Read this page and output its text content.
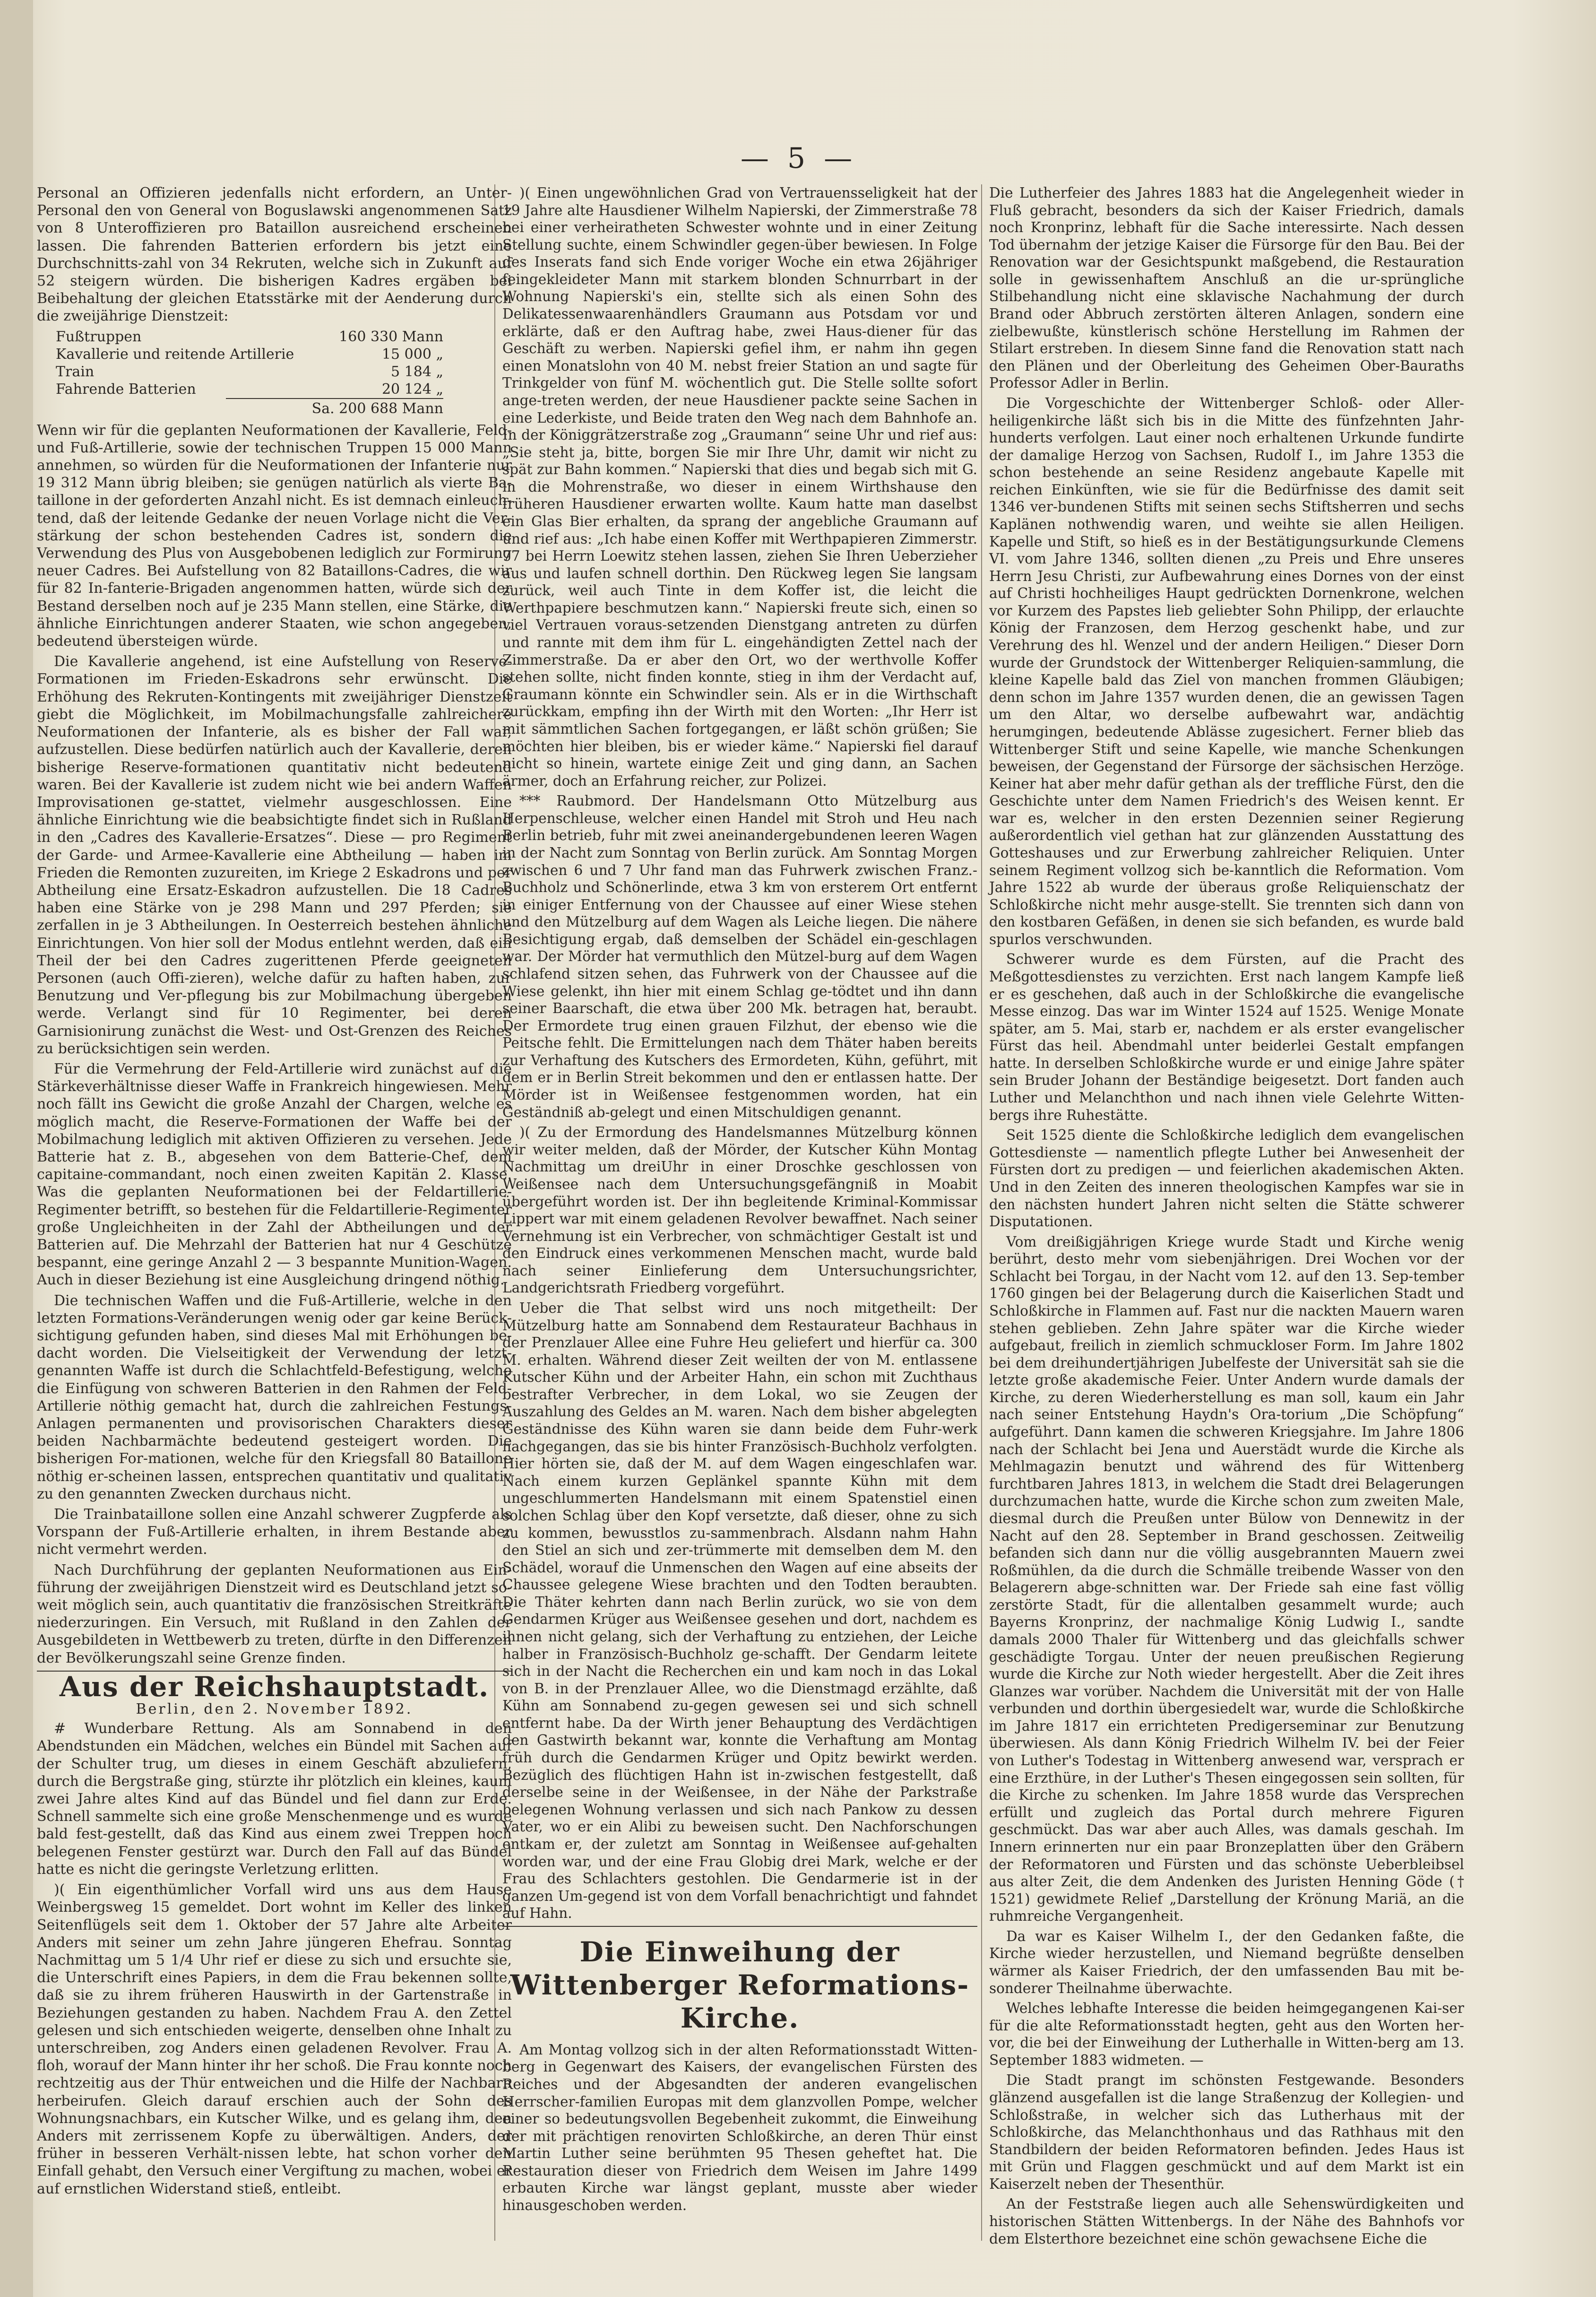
— 5 —

Personal an Offizieren jedenfalls nicht erfordern, an Unter-Personal den von General von Boguslawski angenommenen Satz von 8 Unteroffizieren pro Bataillon ausreichend erscheinen lassen. Die fahrenden Batterien erfordern bis jetzt eine Durchschnitts-zahl von 34 Rekruten, welche sich in Zukunft auf 52 steigern würden. Die bisherigen Kadres ergäben bei Beibehaltung der gleichen Etatsstärke mit der Aenderung durch die zweijährige Dienstzeit:

Fußtruppen	160 330 Mann
Kavallerie und reitende Artillerie	15 000 „
Train	5 184 „
Fahrende Batterien	20 124 „
Sa. 200 688 Mann

Wenn wir für die geplanten Neuformationen der Kavallerie, Feld- und Fuß-Artillerie, sowie der technischen Truppen 15 000 Mann annehmen, so würden für die Neuformationen der Infanterie nur 19 312 Mann übrig bleiben; sie genügen natürlich als vierte Ba-taillone in der geforderten Anzahl nicht. Es ist demnach einleuch-tend, daß der leitende Gedanke der neuen Vorlage nicht die Ver-stärkung der schon bestehenden Cadres ist, sondern die Verwendung des Plus von Ausgebobenen lediglich zur Formirung neuer Cadres. Bei Aufstellung von 82 Bataillons-Cadres, die wir für 82 In-fanterie-Brigaden angenommen hatten, würde sich der Bestand derselben noch auf je 235 Mann stellen, eine Stärke, die ähnliche Einrichtungen anderer Staaten, wie schon angegeben, bedeutend übersteigen würde.

Die Kavallerie angehend, ist eine Aufstellung von Reserve-Formationen im Frieden-Eskadrons sehr erwünscht. Die Erhöhung des Rekruten-Kontingents mit zweijähriger Dienstzeit giebt die Möglichkeit, im Mobilmachungsfalle zahlreichere Neuformationen der Infanterie, als es bisher der Fall war, aufzustellen. Diese bedürfen natürlich auch der Kavallerie, deren bisherige Reserve-formationen quantitativ nicht bedeutend waren. Bei der Kavallerie ist zudem nicht wie bei andern Waffen Improvisationen ge-stattet, vielmehr ausgeschlossen. Eine ähnliche Einrichtung wie die beabsichtigte findet sich in Rußland in den „Cadres des Kavallerie-Ersatzes“. Diese — pro Regiment der Garde- und Armee-Kavallerie eine Abtheilung — haben im Frieden die Remonten zuzureiten, im Kriege 2 Eskadrons und per Abtheilung eine Ersatz-Eskadron aufzustellen. Die 18 Cadres haben eine Stärke von je 298 Mann und 297 Pferden; sie zerfallen in je 3 Abtheilungen. In Oesterreich bestehen ähnliche Einrichtungen. Von hier soll der Modus entlehnt werden, daß ein Theil der bei den Cadres zugerittenen Pferde geeigneten Personen (auch Offi-zieren), welche dafür zu haften haben, zur Benutzung und Ver-pflegung bis zur Mobilmachung übergeben werde. Verlangt sind für 10 Regimenter, bei deren Garnisionirung zunächst die West- und Ost-Grenzen des Reiches zu berücksichtigen sein werden.

Für die Vermehrung der Feld-Artillerie wird zunächst auf die Stärkeverhältnisse dieser Waffe in Frankreich hingewiesen. Mehr noch fällt ins Gewicht die große Anzahl der Chargen, welche es möglich macht, die Reserve-Formationen der Waffe bei der Mobilmachung lediglich mit aktiven Offizieren zu versehen. Jede Batterie hat z. B., abgesehen von dem Batterie-Chef, dem capitaine-commandant, noch einen zweiten Kapitän 2. Klasse. Was die geplanten Neuformationen bei der Feldartillerie-Regimenter betrifft, so bestehen für die Feldartillerie-Regimenter große Ungleichheiten in der Zahl der Abtheilungen und der Batterien auf. Die Mehrzahl der Batterien hat nur 4 Geschütze bespannt, eine geringe Anzahl 2 — 3 bespannte Munition-Wagen. Auch in dieser Beziehung ist eine Ausgleichung dringend nöthig.

Die technischen Waffen und die Fuß-Artillerie, welche in den letzten Formations-Veränderungen wenig oder gar keine Berück-sichtigung gefunden haben, sind dieses Mal mit Erhöhungen be-dacht worden. Die Vielseitigkeit der Verwendung der letzt-genannten Waffe ist durch die Schlachtfeld-Befestigung, welche die Einfügung von schweren Batterien in den Rahmen der Feld-Artillerie nöthig gemacht hat, durch die zahlreichen Festungs-Anlagen permanenten und provisorischen Charakters dieser beiden Nachbarmächte bedeutend gesteigert worden. Die bisherigen For-mationen, welche für den Kriegsfall 80 Bataillone nöthig er-scheinen lassen, entsprechen quantitativ und qualitativ zu den genannten Zwecken durchaus nicht.

Die Trainbataillone sollen eine Anzahl schwerer Zugpferde als Vorspann der Fuß-Artillerie erhalten, in ihrem Bestande aber nicht vermehrt werden.

Nach Durchführung der geplanten Neuformationen aus Ein-führung der zweijährigen Dienstzeit wird es Deutschland jetzt so-weit möglich sein, auch quantitativ die französischen Streitkräfte niederzuringen. Ein Versuch, mit Rußland in den Zahlen der Ausgebildeten in Wettbewerb zu treten, dürfte in den Differenzen der Bevölkerungszahl seine Grenze finden.

Aus der Reichshauptstadt.
Berlin, den 2. November 1892.

# Wunderbare Rettung. Als am Sonnabend in den Abendstunden ein Mädchen, welches ein Bündel mit Sachen auf der Schulter trug, um dieses in einem Geschäft abzuliefern, durch die Bergstraße ging, stürzte ihr plötzlich ein kleines, kaum zwei Jahre altes Kind auf das Bündel und fiel dann zur Erde. Schnell sammelte sich eine große Menschenmenge und es wurde bald fest-gestellt, daß das Kind aus einem zwei Treppen hoch belegenen Fenster gestürzt war. Durch den Fall auf das Bündel hatte es nicht die geringste Verletzung erlitten.

)( Ein eigenthümlicher Vorfall wird uns aus dem Hause Weinbergsweg 15 gemeldet. Dort wohnt im Keller des linken Seitenflügels seit dem 1. Oktober der 57 Jahre alte Arbeiter Anders mit seiner um zehn Jahre jüngeren Ehefrau. Sonntag Nachmittag um 5 1/4 Uhr rief er diese zu sich und ersuchte sie, die Unterschrift eines Papiers, in dem die Frau bekennen sollte, daß sie zu ihrem früheren Hauswirth in der Gartenstraße in Beziehungen gestanden zu haben. Nachdem Frau A. den Zettel gelesen und sich entschieden weigerte, denselben ohne Inhalt zu unterschreiben, zog Anders einen geladenen Revolver. Frau A. floh, worauf der Mann hinter ihr her schoß. Die Frau konnte noch rechtzeitig aus der Thür entweichen und die Hilfe der Nachbarn herbeirufen. Gleich darauf erschien auch der Sohn des Wohnungsnachbars, ein Kutscher Wilke, und es gelang ihm, den Anders mit zerrissenem Kopfe zu überwältigen. Anders, der früher in besseren Verhält-nissen lebte, hat schon vorher den Einfall gehabt, den Versuch einer Vergiftung zu machen, wobei er auf ernstlichen Widerstand stieß, entleibt.

)( Einen ungewöhnlichen Grad von Vertrauensseligkeit hat der 19 Jahre alte Hausdiener Wilhelm Napierski, der Zimmerstraße 78 bei einer verheiratheten Schwester wohnte und in einer Zeitung Stellung suchte, einem Schwindler gegen-über bewiesen. In Folge des Inserats fand sich Ende voriger Woche ein etwa 26jähriger feingekleideter Mann mit starkem blonden Schnurrbart in der Wohnung Napierski's ein, stellte sich als einen Sohn des Delikatessenwaarenhändlers Graumann aus Potsdam vor und erklärte, daß er den Auftrag habe, zwei Haus-diener für das Geschäft zu werben. Napierski gefiel ihm, er nahm ihn gegen einen Monatslohn von 40 M. nebst freier Station an und sagte für Trinkgelder von fünf M. wöchentlich gut. Die Stelle sollte sofort ange-treten werden, der neue Hausdiener packte seine Sachen in eine Lederkiste, und Beide traten den Weg nach dem Bahnhofe an. In der Königgrätzerstraße zog „Graumann“ seine Uhr und rief aus: „Sie steht ja, bitte, borgen Sie mir Ihre Uhr, damit wir nicht zu spät zur Bahn kommen.“ Napierski that dies und begab sich mit G. in die Mohrenstraße, wo dieser in einem Wirthshause den früheren Hausdiener erwarten wollte. Kaum hatte man daselbst ein Glas Bier erhalten, da sprang der angebliche Graumann auf und rief aus: „Ich habe einen Koffer mit Werthpapieren Zimmerstr. 77 bei Herrn Loewitz stehen lassen, ziehen Sie Ihren Ueberzieher aus und laufen schnell dorthin. Den Rückweg legen Sie langsam zurück, weil auch Tinte in dem Koffer ist, die leicht die Werthpapiere beschmutzen kann.“ Napierski freute sich, einen so viel Vertrauen voraus-setzenden Dienstgang antreten zu dürfen und rannte mit dem ihm für L. eingehändigten Zettel nach der Zimmerstraße. Da er aber den Ort, wo der werthvolle Koffer stehen sollte, nicht finden konnte, stieg in ihm der Verdacht auf, Graumann könnte ein Schwindler sein. Als er in die Wirthschaft zurückkam, empfing ihn der Wirth mit den Worten: „Ihr Herr ist mit sämmtlichen Sachen fortgegangen, er läßt schön grüßen; Sie möchten hier bleiben, bis er wieder käme.“ Napierski fiel darauf nicht so hinein, wartete einige Zeit und ging dann, an Sachen ärmer, doch an Erfahrung reicher, zur Polizei.

*** Raubmord. Der Handelsmann Otto Mützelburg aus Herpenschleuse, welcher einen Handel mit Stroh und Heu nach Berlin betrieb, fuhr mit zwei aneinandergebundenen leeren Wagen in der Nacht zum Sonntag von Berlin zurück. Am Sonntag Morgen zwischen 6 und 7 Uhr fand man das Fuhrwerk zwischen Franz.-Buchholz und Schönerlinde, etwa 3 km von ersterem Ort entfernt in einiger Entfernung von der Chaussee auf einer Wiese stehen und den Mützelburg auf dem Wagen als Leiche liegen. Die nähere Besichtigung ergab, daß demselben der Schädel ein-geschlagen war. Der Mörder hat vermuthlich den Mützel-burg auf dem Wagen schlafend sitzen sehen, das Fuhrwerk von der Chaussee auf die Wiese gelenkt, ihn hier mit einem Schlag ge-tödtet und ihn dann seiner Baarschaft, die etwa über 200 Mk. betragen hat, beraubt. Der Ermordete trug einen grauen Filzhut, der ebenso wie die Peitsche fehlt. Die Ermittelungen nach dem Thäter haben bereits zur Verhaftung des Kutschers des Ermordeten, Kühn, geführt, mit dem er in Berlin Streit bekommen und den er entlassen hatte. Der Mörder ist in Weißensee festgenommen worden, hat ein Geständniß ab-gelegt und einen Mitschuldigen genannt.

)( Zu der Ermordung des Handelsmannes Mützelburg können wir weiter melden, daß der Mörder, der Kutscher Kühn Montag Nachmittag um dreiUhr in einer Droschke geschlossen von Weißensee nach dem Untersuchungsgefängniß in Moabit übergeführt worden ist. Der ihn begleitende Kriminal-Kommissar Lippert war mit einem geladenen Revolver bewaffnet. Nach seiner Vernehmung ist ein Verbrecher, von schmächtiger Gestalt ist und den Eindruck eines verkommenen Menschen macht, wurde bald nach seiner Einlieferung dem Untersuchungsrichter, Landgerichtsrath Friedberg vorgeführt.

Ueber die That selbst wird uns noch mitgetheilt: Der Mützelburg hatte am Sonnabend dem Restaurateur Bachhaus in der Prenzlauer Allee eine Fuhre Heu geliefert und hierfür ca. 300 M. erhalten. Während dieser Zeit weilten der von M. entlassene Kutscher Kühn und der Arbeiter Hahn, ein schon mit Zuchthaus bestrafter Verbrecher, in dem Lokal, wo sie Zeugen der Auszahlung des Geldes an M. waren. Nach dem bisher abgelegten Geständnisse des Kühn waren sie dann beide dem Fuhr-werk nachgegangen, das sie bis hinter Französisch-Buchholz verfolgten. Hier hörten sie, daß der M. auf dem Wagen eingeschlafen war. Nach einem kurzen Geplänkel spannte Kühn mit dem ungeschlummerten Handelsmann mit einem Spatenstiel einen solchen Schlag über den Kopf versetzte, daß dieser, ohne zu sich zu kommen, bewusstlos zu-sammenbrach. Alsdann nahm Hahn den Stiel an sich und zer-trümmerte mit demselben dem M. den Schädel, worauf die Unmenschen den Wagen auf eine abseits der Chaussee gelegene Wiese brachten und den Todten beraubten. Die Thäter kehrten dann nach Berlin zurück, wo sie von dem Gendarmen Krüger aus Weißensee gesehen und dort, nachdem es ihnen nicht gelang, sich der Verhaftung zu entziehen, der Leiche halber in Französisch-Buchholz ge-schafft. Der Gendarm leitete sich in der Nacht die Recherchen ein und kam noch in das Lokal von B. in der Prenzlauer Allee, wo die Dienstmagd erzählte, daß Kühn am Sonnabend zu-gegen gewesen sei und sich schnell entfernt habe. Da der Wirth jener Behauptung des Verdächtigen den Gastwirth bekannt war, konnte die Verhaftung am Montag früh durch die Gendarmen Krüger und Opitz bewirkt werden. Bezüglich des flüchtigen Hahn ist in-zwischen festgestellt, daß derselbe seine in der Weißensee, in der Nähe der Parkstraße belegenen Wohnung verlassen und sich nach Pankow zu dessen Vater, wo er ein Alibi zu beweisen sucht. Den Nachforschungen entkam er, der zuletzt am Sonntag in Weißensee auf-gehalten worden war, und der eine Frau Globig drei Mark, welche er der Frau des Schlachters gestohlen. Die Gendarmerie ist in der ganzen Um-gegend ist von dem Vorfall benachrichtigt und fahndet auf Hahn.

Die Einweihung der Wittenberger Reformations-Kirche.

Am Montag vollzog sich in der alten Reformationsstadt Witten-berg in Gegenwart des Kaisers, der evangelischen Fürsten des Reiches und der Abgesandten der anderen evangelischen Herrscher-familien Europas mit dem glanzvollen Pompe, welcher einer so bedeutungsvollen Begebenheit zukommt, die Einweihung der mit prächtigen renovirten Schloßkirche, an deren Thür einst Martin Luther seine berühmten 95 Thesen geheftet hat. Die Restauration dieser von Friedrich dem Weisen im Jahre 1499 erbauten Kirche war längst geplant, musste aber wieder hinausgeschoben werden.

Die Lutherfeier des Jahres 1883 hat die Angelegenheit wieder in Fluß gebracht, besonders da sich der Kaiser Friedrich, damals noch Kronprinz, lebhaft für die Sache interessirte. Nach dessen Tod übernahm der jetzige Kaiser die Fürsorge für den Bau. Bei der Renovation war der Gesichtspunkt maßgebend, die Restauration solle in gewissenhaftem Anschluß an die ur-sprüngliche Stilbehandlung nicht eine sklavische Nachahmung der durch Brand oder Abbruch zerstörten älteren Anlagen, sondern eine zielbewußte, künstlerisch schöne Herstellung im Rahmen der Stilart erstreben. In diesem Sinne fand die Renovation statt nach den Plänen und der Oberleitung des Geheimen Ober-Bauraths Professor Adler in Berlin.

Die Vorgeschichte der Wittenberger Schloß- oder Aller-heiligenkirche läßt sich bis in die Mitte des fünfzehnten Jahr-hunderts verfolgen. Laut einer noch erhaltenen Urkunde fundirte der damalige Herzog von Sachsen, Rudolf I., im Jahre 1353 die schon bestehende an seine Residenz angebaute Kapelle mit reichen Einkünften, wie sie für die Bedürfnisse des damit seit 1346 ver-bundenen Stifts mit seinen sechs Stiftsherren und sechs Kaplänen nothwendig waren, und weihte sie allen Heiligen. Kapelle und Stift, so hieß es in der Bestätigungsurkunde Clemens VI. vom Jahre 1346, sollten dienen „zu Preis und Ehre unseres Herrn Jesu Christi, zur Aufbewahrung eines Dornes von der einst auf Christi hochheiliges Haupt gedrückten Dornenkrone, welchen vor Kurzem des Papstes lieb geliebter Sohn Philipp, der erlauchte König der Franzosen, dem Herzog geschenkt habe, und zur Verehrung des hl. Wenzel und der andern Heiligen.“ Dieser Dorn wurde der Grundstock der Wittenberger Reliquien-sammlung, die kleine Kapelle bald das Ziel von manchen frommen Gläubigen; denn schon im Jahre 1357 wurden denen, die an gewissen Tagen um den Altar, wo derselbe aufbewahrt war, andächtig herumgingen, bedeutende Ablässe zugesichert. Ferner blieb das Wittenberger Stift und seine Kapelle, wie manche Schenkungen beweisen, der Gegenstand der Fürsorge der sächsischen Herzöge. Keiner hat aber mehr dafür gethan als der treffliche Fürst, den die Geschichte unter dem Namen Friedrich's des Weisen kennt. Er war es, welcher in den ersten Dezennien seiner Regierung außerordentlich viel gethan hat zur glänzenden Ausstattung des Gotteshauses und zur Erwerbung zahlreicher Reliquien. Unter seinem Regiment vollzog sich be-kanntlich die Reformation. Vom Jahre 1522 ab wurde der überaus große Reliquienschatz der Schloßkirche nicht mehr ausge-stellt. Sie trennten sich dann von den kostbaren Gefäßen, in denen sie sich befanden, es wurde bald spurlos verschwunden.

Schwerer wurde es dem Fürsten, auf die Pracht des Meßgottesdienstes zu verzichten. Erst nach langem Kampfe ließ er es geschehen, daß auch in der Schloßkirche die evangelische Messe einzog. Das war im Winter 1524 auf 1525. Wenige Monate später, am 5. Mai, starb er, nachdem er als erster evangelischer Fürst das heil. Abendmahl unter beiderlei Gestalt empfangen hatte. In derselben Schloßkirche wurde er und einige Jahre später sein Bruder Johann der Beständige beigesetzt. Dort fanden auch Luther und Melanchthon und nach ihnen viele Gelehrte Witten-bergs ihre Ruhestätte.

Seit 1525 diente die Schloßkirche lediglich dem evangelischen Gottesdienste — namentlich pflegte Luther bei Anwesenheit der Fürsten dort zu predigen — und feierlichen akademischen Akten. Und in den Zeiten des inneren theologischen Kampfes war sie in den nächsten hundert Jahren nicht selten die Stätte schwerer Disputationen.

Vom dreißigjährigen Kriege wurde Stadt und Kirche wenig berührt, desto mehr vom siebenjährigen. Drei Wochen vor der Schlacht bei Torgau, in der Nacht vom 12. auf den 13. Sep-tember 1760 gingen bei der Belagerung durch die Kaiserlichen Stadt und Schloßkirche in Flammen auf. Fast nur die nackten Mauern waren stehen geblieben. Zehn Jahre später war die Kirche wieder aufgebaut, freilich in ziemlich schmuckloser Form. Im Jahre 1802 bei dem dreihundertjährigen Jubelfeste der Universität sah sie die letzte große akademische Feier. Unter Andern wurde damals der Kirche, zu deren Wiederherstellung es man soll, kaum ein Jahr nach seiner Entstehung Haydn's Ora-torium „Die Schöpfung“ aufgeführt. Dann kamen die schweren Kriegsjahre. Im Jahre 1806 nach der Schlacht bei Jena und Auerstädt wurde die Kirche als Mehlmagazin benutzt und während des für Wittenberg furchtbaren Jahres 1813, in welchem die Stadt drei Belagerungen durchzumachen hatte, wurde die Kirche schon zum zweiten Male, diesmal durch die Preußen unter Bülow von Dennewitz in der Nacht auf den 28. September in Brand geschossen. Zeitweilig befanden sich dann nur die völlig ausgebrannten Mauern zwei Roßmühlen, da die durch die Schmälle treibende Wasser von den Belagerern abge-schnitten war. Der Friede sah eine fast völlig zerstörte Stadt, für die allentalben gesammelt wurde; auch Bayerns Kronprinz, der nachmalige König Ludwig I., sandte damals 2000 Thaler für Wittenberg und das gleichfalls schwer geschädigte Torgau. Unter der neuen preußischen Regierung wurde die Kirche zur Noth wieder hergestellt. Aber die Zeit ihres Glanzes war vorüber. Nachdem die Universität mit der von Halle verbunden und dorthin übergesiedelt war, wurde die Schloßkirche im Jahre 1817 ein errichteten Predigerseminar zur Benutzung überwiesen. Als dann König Friedrich Wilhelm IV. bei der Feier von Luther's Todestag in Wittenberg anwesend war, versprach er eine Erzthüre, in der Luther's Thesen eingegossen sein sollten, für die Kirche zu schenken. Im Jahre 1858 wurde das Versprechen erfüllt und zugleich das Portal durch mehrere Figuren geschmückt. Das war aber auch Alles, was damals geschah. Im Innern erinnerten nur ein paar Bronzeplatten über den Gräbern der Reformatoren und Fürsten und das schönste Ueberbleibsel aus alter Zeit, die dem Andenken des Juristen Henning Göde († 1521) gewidmete Relief „Darstellung der Krönung Mariä, an die ruhmreiche Vergangenheit.

Da war es Kaiser Wilhelm I., der den Gedanken faßte, die Kirche wieder herzustellen, und Niemand begrüßte denselben wärmer als Kaiser Friedrich, der den umfassenden Bau mit be-sonderer Theilnahme überwachte.

Welches lebhafte Interesse die beiden heimgegangenen Kai-ser für die alte Reformationsstadt hegten, geht aus den Worten her-vor, die bei der Einweihung der Lutherhalle in Witten-berg am 13. September 1883 widmeten. —

Die Stadt prangt im schönsten Festgewande. Besonders glänzend ausgefallen ist die lange Straßenzug der Kollegien- und Schloßstraße, in welcher sich das Lutherhaus mit der Schloßkirche, das Melanchthonhaus und das Rathhaus mit den Standbildern der beiden Reformatoren befinden. Jedes Haus ist mit Grün und Flaggen geschmückt und auf dem Markt ist ein Kaiserzelt neben der Thesenthür.

An der Feststraße liegen auch alle Sehenswürdigkeiten und historischen Stätten Wittenbergs. In der Nähe des Bahnhofs vor dem Elsterthore bezeichnet eine schön gewachsene Eiche die
